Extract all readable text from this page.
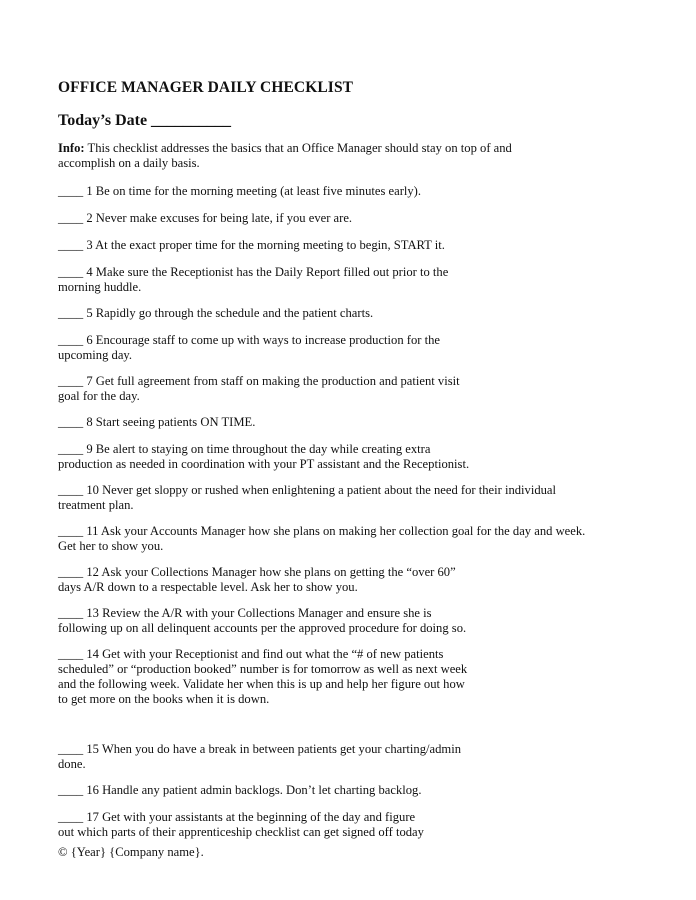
OFFICE MANAGER DAILY CHECKLIST
Today’s Date __________
Info: This checklist addresses the basics that an Office Manager should stay on top of and
accomplish on a daily basis.
____ 1 Be on time for the morning meeting (at least five minutes early).
____ 2 Never make excuses for being late, if you ever are.
____ 3 At the exact proper time for the morning meeting to begin, START it.
____ 4 Make sure the Receptionist has the Daily Report filled out prior to the
morning huddle.
____ 5 Rapidly go through the schedule and the patient charts.
____ 6 Encourage staff to come up with ways to increase production for the
upcoming day.
____ 7 Get full agreement from staff on making the production and patient visit
goal for the day.
____ 8 Start seeing patients ON TIME.
____ 9 Be alert to staying on time throughout the day while creating extra
production as needed in coordination with your PT assistant and the Receptionist.
____ 10 Never get sloppy or rushed when enlightening a patient about the need for their individual
treatment plan.
____ 11 Ask your Accounts Manager how she plans on making her collection goal for the day and week.
Get her to show you.
____ 12 Ask your Collections Manager how she plans on getting the “over 60”
days A/R down to a respectable level. Ask her to show you.
____ 13 Review the A/R with your Collections Manager and ensure she is
following up on all delinquent accounts per the approved procedure for doing so.
____ 14 Get with your Receptionist and find out what the “# of new patients
scheduled” or “production booked” number is for tomorrow as well as next week
and the following week. Validate her when this is up and help her figure out how
to get more on the books when it is down.
____ 15 When you do have a break in between patients get your charting/admin
done.
____ 16 Handle any patient admin backlogs. Don’t let charting backlog.
____ 17 Get with your assistants at the beginning of the day and figure
out which parts of their apprenticeship checklist can get signed off today
© {Year} {Company name}.
